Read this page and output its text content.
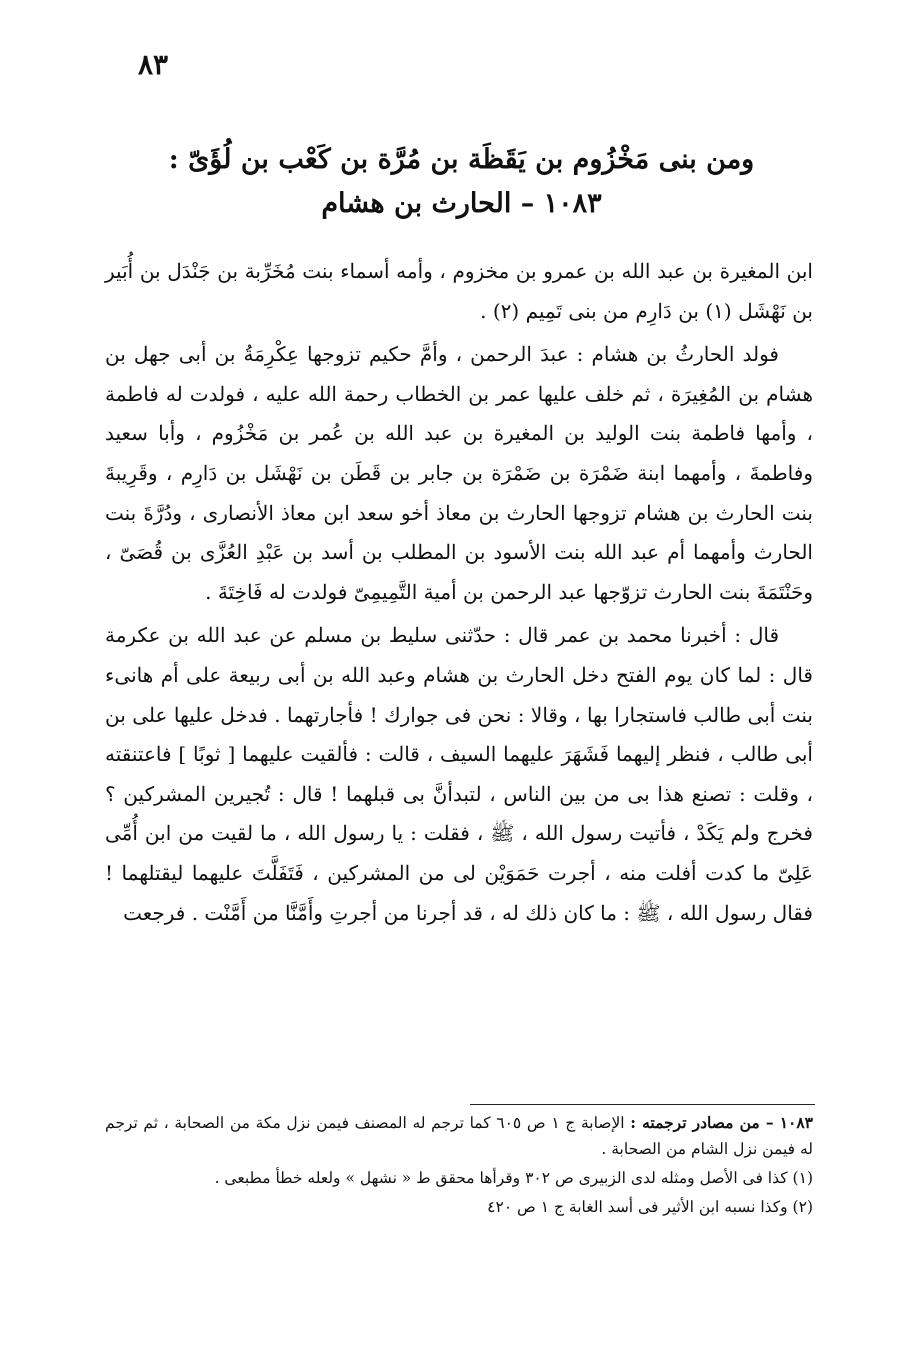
٨٣
ومن بنى مَخْزُوم بن يَقَظَة بن مُرَّة بن كَعْب بن لُؤَىّ :
١٠٨٣ – الحارث بن هشام

ابن المغيرة بن عبد الله بن عمرو بن مخزوم ، وأمه أسماء بنت مُخَرِّبة بن جَنْدَل بن أُبَير بن نَهْشَل (١) بن دَارِم من بنى تَمِيم (٢) .

فولد الحارثُ بن هشام : عبدَ الرحمن ، وأمَّ حكيم تزوجها عِكْرِمَةُ بن أبى جهل بن هشام بن المُغِيرَة ، ثم خلف عليها عمر بن الخطاب رحمة الله عليه ، فولدت له فاطمة ، وأمها فاطمة بنت الوليد بن المغيرة بن عبد الله بن عُمر بن مَخْزُوم ، وأبا سعيد وفاطمةَ ، وأمهما ابنة ضَمْرَة بن ضَمْرَة بن جابر بن قَطَن بن نَهْشَل بن دَارِم ، وقَرِيبةَ بنت الحارث بن هشام تزوجها الحارث بن معاذ أخو سعد ابن معاذ الأنصارى ، ودُرَّةَ بنت الحارث وأمهما أم عبد الله بنت الأسود بن المطلب بن أسد بن عَبْدِ العُزَّى بن قُصَىّ ، وحَنْتَمَةَ بنت الحارث تزوّجها عبد الرحمن بن أمية التَّمِيمِىّ فولدت له فَاخِتَةَ .

قال : أخبرنا محمد بن عمر قال : حدّثنى سليط بن مسلم عن عبد الله بن عكرمة قال : لما كان يوم الفتح دخل الحارث بن هشام وعبد الله بن أبى ربيعة على أم هانىء بنت أبى طالب فاستجارا بها ، وقالا : نحن فى جوارك ! فأجارتهما . فدخل عليها على بن أبى طالب ، فنظر إليهما فَشَهَرَ عليهما السيف ، قالت : فألقيت عليهما [ ثوبًا ] فاعتنقته ، وقلت : تصنع هذا بى من بين الناس ، لتبدأنَّ بى قبلهما ! قال : تُجيرين المشركين ؟ فخرج ولم يَكَدْ ، فأتيت رسول الله ، ﷺ ، فقلت : يا رسول الله ، ما لقيت من ابن أُمِّى عَلِىّ ما كدت أفلت منه ، أجرت حَمَوَيْن لى من المشركين ، فَتَفَلَّتَ عليهما ليقتلهما ! فقال رسول الله ، ﷺ : ما كان ذلك له ، قد أجرنا من أجرتِ وأَمَّنَّا من أَمَّنْت . فرجعت

١٠٨٣ – من مصادر ترجمته : الإصابة ج ١ ص ٦٠٥ كما ترجم له المصنف فيمن نزل مكة من الصحابة ، ثم ترجم له فيمن نزل الشام من الصحابة .

(١) كذا فى الأصل ومثله لدى الزبيرى ص ٣٠٢ وقرأها محقق ط « نشهل » ولعله خطأ مطبعى .

(٢) وكذا نسبه ابن الأثير فى أسد الغابة ج ١ ص ٤٢٠
